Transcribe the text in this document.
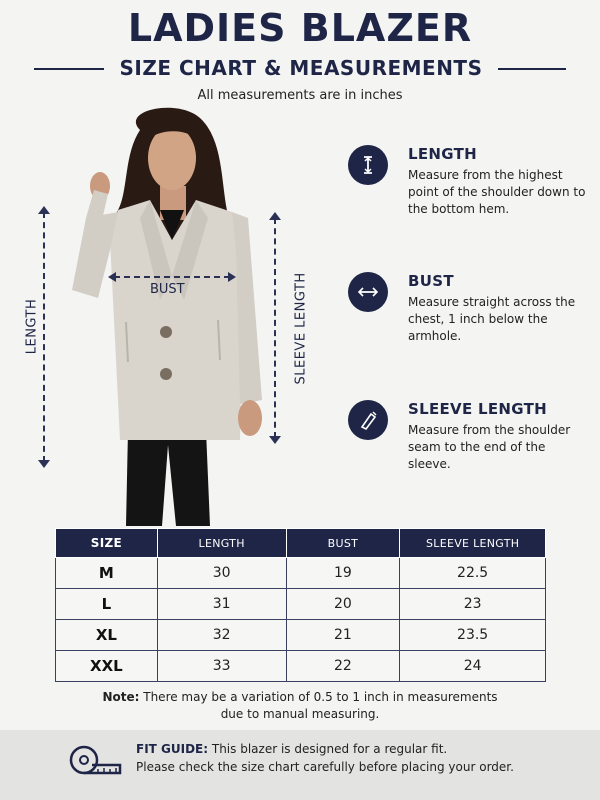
LADIES BLAZER
SIZE CHART & MEASUREMENTS
All measurements are in inches
LENGTH	SLEEVE LENGTH
BUST
LENGTH
Measure from the highest point of the shoulder down to the bottom hem.
BUST
Measure straight across the chest, 1 inch below the armhole.
SLEEVE LENGTH
Measure from the shoulder seam to the end of the sleeve.
SIZE	LENGTH	BUST	SLEEVE LENGTH
M	30	19	22.5
L	31	20	23
XL	32	21	23.5
XXL	33	22	24
Note: There may be a variation of 0.5 to 1 inch in measurements
due to manual measuring.
FIT GUIDE: This blazer is designed for a regular fit.
Please check the size chart carefully before placing your order.
